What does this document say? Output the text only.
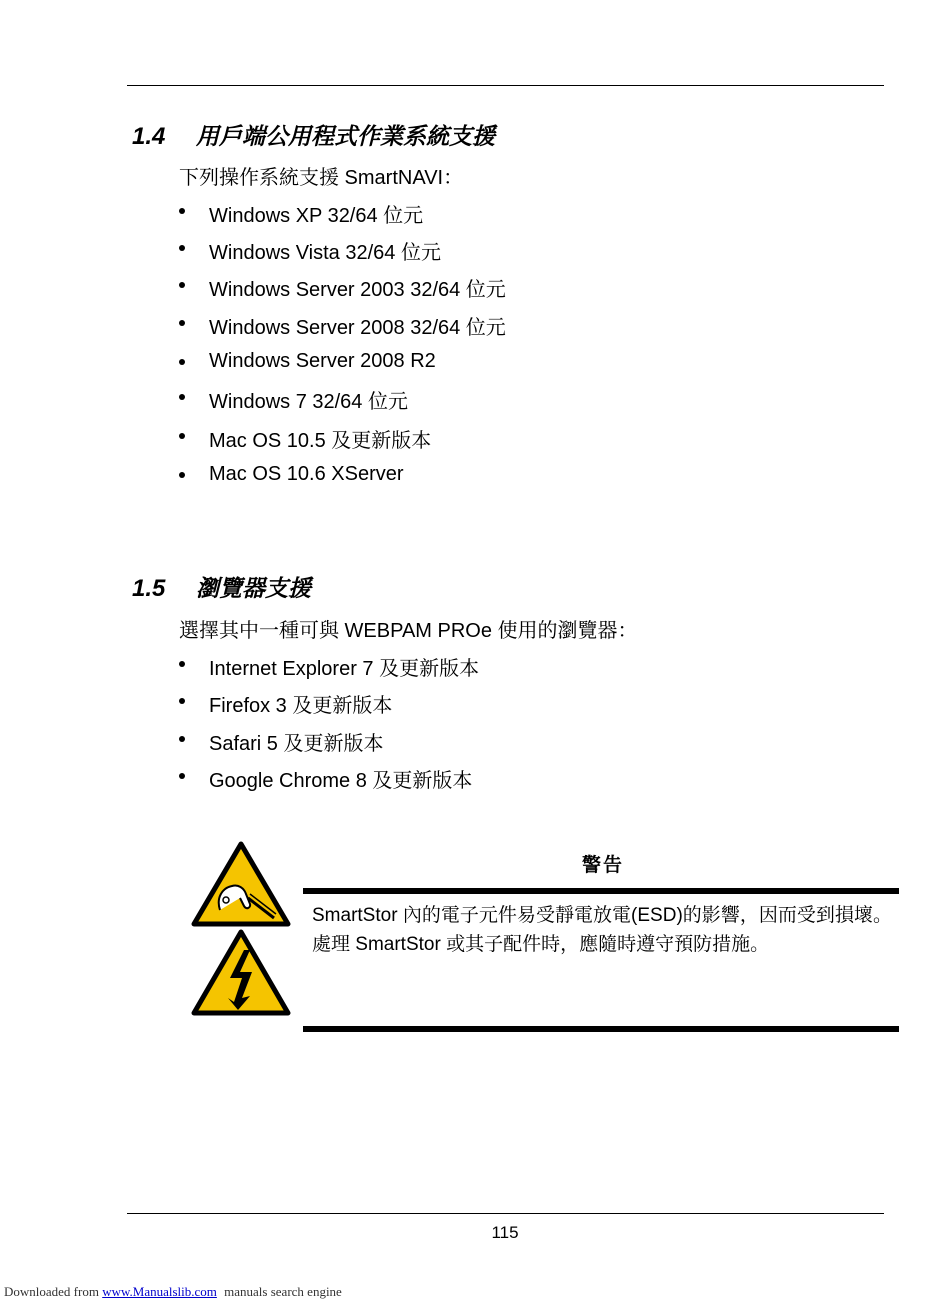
1.4	用戶端公用程式作業系統支援
下列操作系統支援 SmartNAVI：
Windows XP 32/64 位元
Windows Vista 32/64 位元
Windows Server 2003 32/64 位元
Windows Server 2008 32/64 位元
Windows Server 2008 R2
Windows 7 32/64 位元
Mac OS 10.5 及更新版本
Mac OS 10.6 XServer
1.5	瀏覽器支援
選擇其中一種可與 WEBPAM PROe 使用的瀏覽器：
Internet Explorer 7 及更新版本
Firefox 3 及更新版本
Safari 5 及更新版本
Google Chrome 8 及更新版本
警告
SmartStor 內的電子元件易受靜電放電(ESD)的影響，因而受到損壞。處理 SmartStor 或其子配件時，應隨時遵守預防措施。
115
Downloaded from www.Manualslib.com manuals search engine
